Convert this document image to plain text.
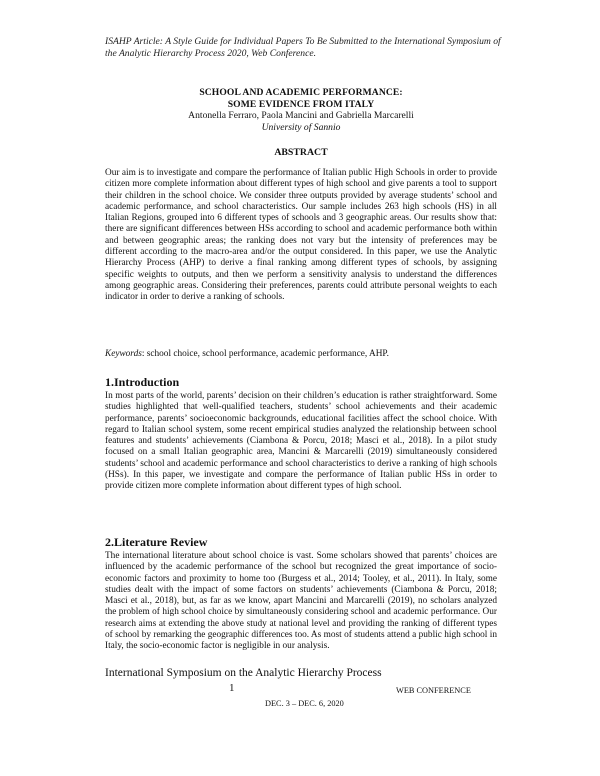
ISAHP Article: A Style Guide for Individual Papers To Be Submitted to the International Symposium of the Analytic Hierarchy Process 2020, Web Conference.
SCHOOL AND ACADEMIC PERFORMANCE:
SOME EVIDENCE FROM ITALY
Antonella Ferraro, Paola Mancini and Gabriella Marcarelli
University of Sannio
ABSTRACT
Our aim is to investigate and compare the performance of Italian public High Schools in order to provide citizen more complete information about different types of high school and give parents a tool to support their children in the school choice. We consider three outputs provided by average students’ school and academic performance, and school characteristics. Our sample includes 263 high schools (HS) in all Italian Regions, grouped into 6 different types of schools and 3 geographic areas. Our results show that: there are significant differences between HSs according to school and academic performance both within and between geographic areas; the ranking does not vary but the intensity of preferences may be different according to the macro-area and/or the output considered. In this paper, we use the Analytic Hierarchy Process (AHP) to derive a final ranking among different types of schools, by assigning specific weights to outputs, and then we perform a sensitivity analysis to understand the differences among geographic areas. Considering their preferences, parents could attribute personal weights to each indicator in order to derive a ranking of schools.
Keywords: school choice, school performance, academic performance, AHP.
1.Introduction
In most parts of the world, parents’ decision on their children’s education is rather straightforward. Some studies highlighted that well-qualified teachers, students’ school achievements and their academic performance, parents’ socioeconomic backgrounds, educational facilities affect the school choice. With regard to Italian school system, some recent empirical studies analyzed the relationship between school features and students’ achievements (Ciambona & Porcu, 2018; Masci et al., 2018). In a pilot study focused on a small Italian geographic area, Mancini & Marcarelli (2019) simultaneously considered students’ school and academic performance and school characteristics to derive a ranking of high schools (HSs). In this paper, we investigate and compare the performance of Italian public HSs in order to provide citizen more complete information about different types of high school.
2.Literature Review
The international literature about school choice is vast. Some scholars showed that parents’ choices are influenced by the academic performance of the school but recognized the great importance of socio-economic factors and proximity to home too (Burgess et al., 2014; Tooley, et al., 2011). In Italy, some studies dealt with the impact of some factors on students’ achievements (Ciambona & Porcu, 2018; Masci et al., 2018), but, as far as we know, apart Mancini and Marcarelli (2019), no scholars analyzed the problem of high school choice by simultaneously considering school and academic performance. Our research aims at extending the above study at national level and providing the ranking of different types of school by remarking the geographic differences too. As most of students attend a public high school in Italy, the socio-economic factor is negligible in our analysis.
International Symposium on the Analytic Hierarchy Process
1	WEB CONFERENCE
DEC. 3 – DEC. 6, 2020
